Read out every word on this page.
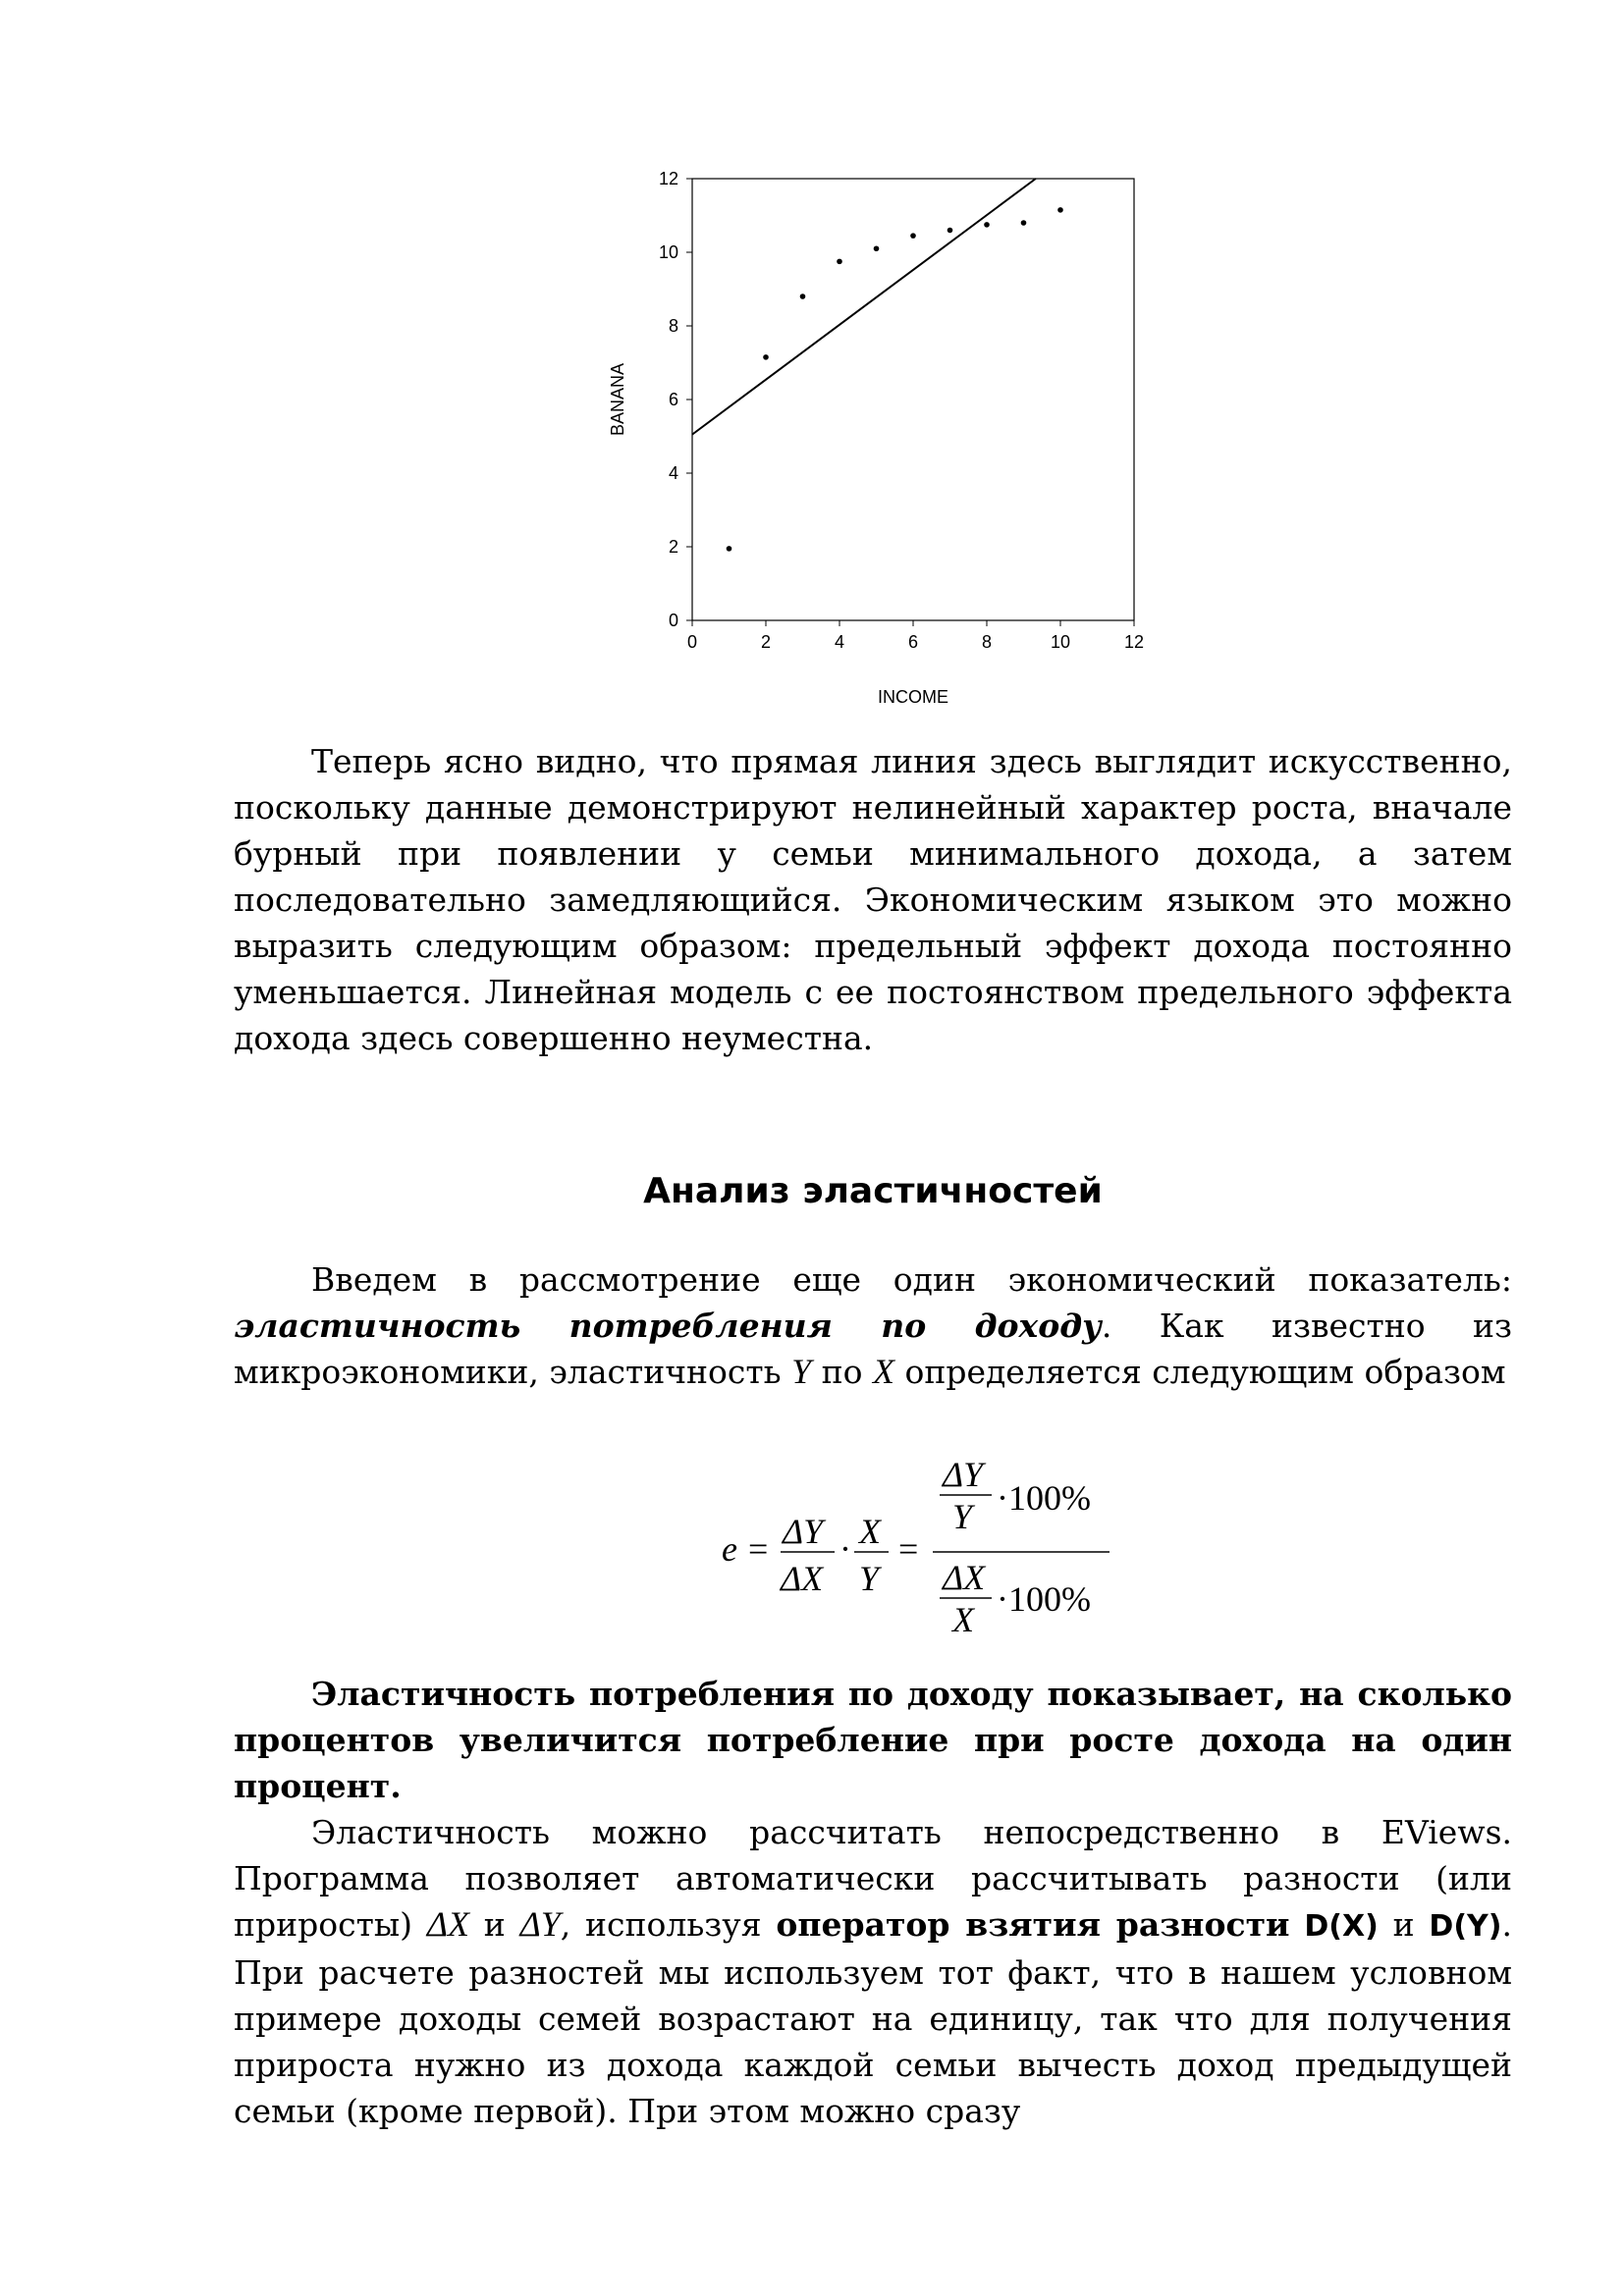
0	2	4	6	8	10	12
0
2
4
6
8
10
12
INCOME
BANANA

Теперь ясно видно, что прямая линия здесь выглядит искусственно, поскольку данные демонстрируют нелинейный характер роста, вначале бурный при появлении у семьи минимального дохода, а затем последовательно замедляющийся. Экономическим языком это можно выразить следующим образом: предельный эффект дохода постоянно уменьшается. Линейная модель с ее постоянством предельного эффекта дохода здесь совершенно неуместна.

Анализ эластичностей

Введем в рассмотрение еще один экономический показатель: эластичность потребления по доходу. Как известно из микроэкономики, эластичность Y по X определяется следующим образом

e = ΔY
ΔX
· X
Y
=
ΔY
Y ·100%
ΔX
X
·100%

Эластичность потребления по доходу показывает, на сколько процентов увеличится потребление при росте дохода на один процент.

Эластичность можно рассчитать непосредственно в EViews. Программа позволяет автоматически рассчитывать разности (или приросты) ΔX и ΔY, используя оператор взятия разности D(X) и D(Y). При расчете разностей мы используем тот факт, что в нашем условном примере доходы семей возрастают на единицу, так что для получения прироста нужно из дохода каждой семьи вычесть доход предыдущей семьи (кроме первой). При этом можно сразу
